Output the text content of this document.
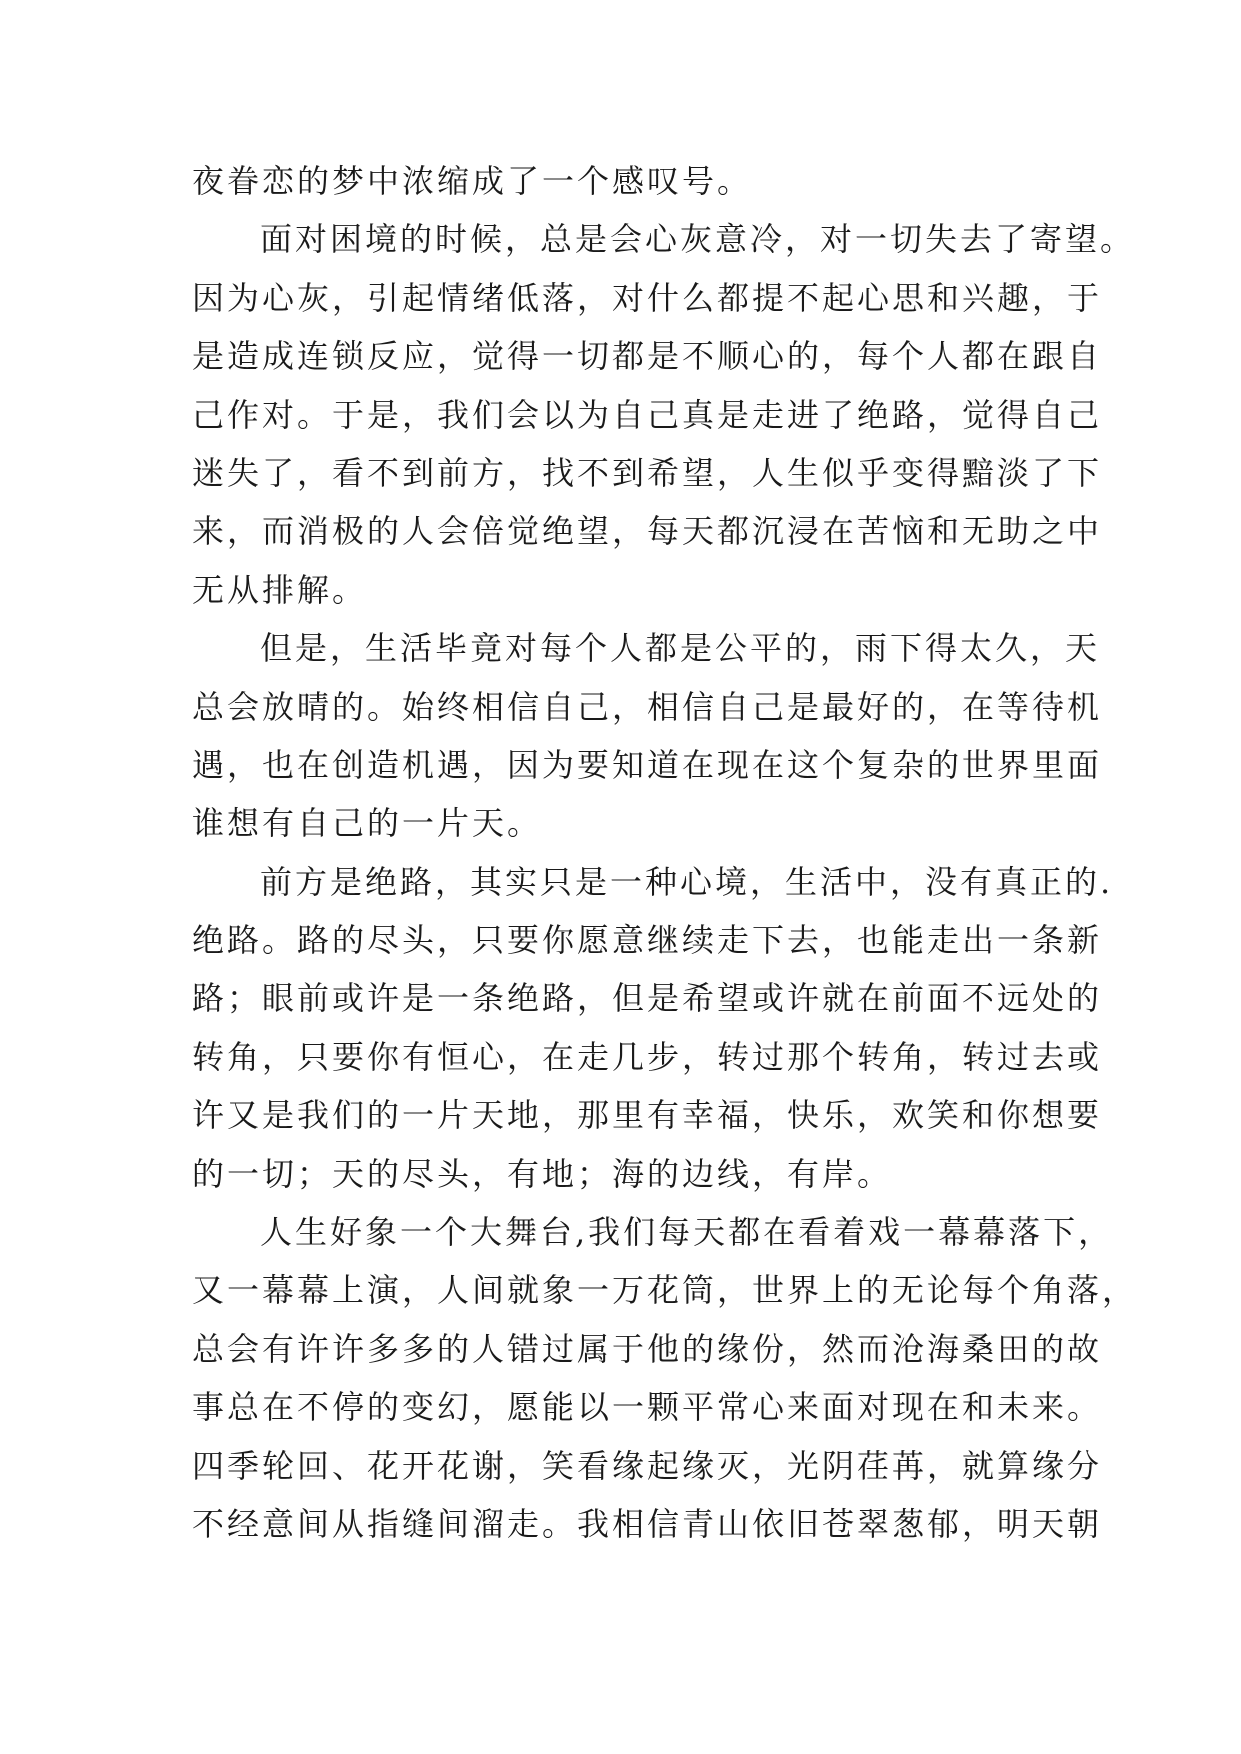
夜眷恋的梦中浓缩成了一个感叹号。
面对困境的时候，总是会心灰意冷，对一切失去了寄望。
因为心灰，引起情绪低落，对什么都提不起心思和兴趣，于
是造成连锁反应，觉得一切都是不顺心的，每个人都在跟自
己作对。于是，我们会以为自己真是走进了绝路，觉得自己
迷失了，看不到前方，找不到希望，人生似乎变得黯淡了下
来，而消极的人会倍觉绝望，每天都沉浸在苦恼和无助之中
无从排解。
但是，生活毕竟对每个人都是公平的，雨下得太久，天
总会放晴的。始终相信自己，相信自己是最好的，在等待机
遇，也在创造机遇，因为要知道在现在这个复杂的世界里面
谁想有自己的一片天。
前方是绝路，其实只是一种心境，生活中，没有真正的.
绝路。路的尽头，只要你愿意继续走下去，也能走出一条新
路；眼前或许是一条绝路，但是希望或许就在前面不远处的
转角，只要你有恒心，在走几步，转过那个转角，转过去或
许又是我们的一片天地，那里有幸福，快乐，欢笑和你想要
的一切；天的尽头，有地；海的边线，有岸。
人生好象一个大舞台,我们每天都在看着戏一幕幕落下，
又一幕幕上演，人间就象一万花筒，世界上的无论每个角落，
总会有许许多多的人错过属于他的缘份，然而沧海桑田的故
事总在不停的变幻，愿能以一颗平常心来面对现在和未来。
四季轮回、花开花谢，笑看缘起缘灭，光阴荏苒，就算缘分
不经意间从指缝间溜走。我相信青山依旧苍翠葱郁，明天朝
